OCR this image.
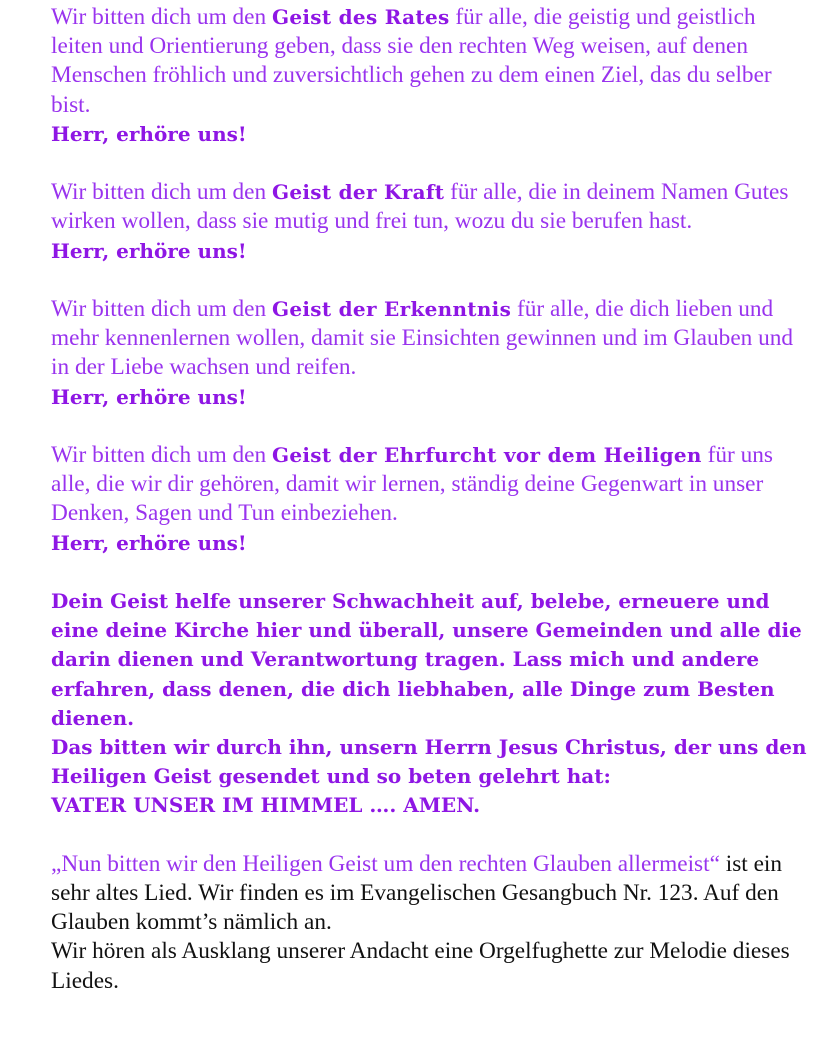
Wir bitten dich um den Geist des Rates für alle, die geistig und geistlich leiten und Orientierung geben, dass sie den rechten Weg weisen, auf denen Menschen fröhlich und zuversichtlich gehen zu dem einen Ziel, das du selber bist.

Herr, erhöre uns!

Wir bitten dich um den Geist der Kraft für alle, die in deinem Namen Gutes wirken wollen, dass sie mutig und frei tun, wozu du sie berufen hast.

Herr, erhöre uns!

Wir bitten dich um den Geist der Erkenntnis für alle, die dich lieben und mehr kennenlernen wollen, damit sie Einsichten gewinnen und im Glauben und in der Liebe wachsen und reifen.

Herr, erhöre uns!

Wir bitten dich um den Geist der Ehrfurcht vor dem Heiligen für uns alle, die wir dir gehören, damit wir lernen, ständig deine Gegenwart in unser Denken, Sagen und Tun einbeziehen.

Herr, erhöre uns!

Dein Geist helfe unserer Schwachheit auf, belebe, erneuere und eine deine Kirche hier und überall, unsere Gemeinden und alle die darin dienen und Verantwortung tragen. Lass mich und andere erfahren, dass denen, die dich liebhaben, alle Dinge zum Besten dienen.

Das bitten wir durch ihn, unsern Herrn Jesus Christus, der uns den Heiligen Geist gesendet und so beten gelehrt hat:

VATER UNSER IM HIMMEL …. AMEN.

„Nun bitten wir den Heiligen Geist um den rechten Glauben allermeist“ ist ein sehr altes Lied. Wir finden es im Evangelischen Gesangbuch Nr. 123. Auf den Glauben kommt’s nämlich an.

Wir hören als Ausklang unserer Andacht eine Orgelfughette zur Melodie dieses Liedes.
